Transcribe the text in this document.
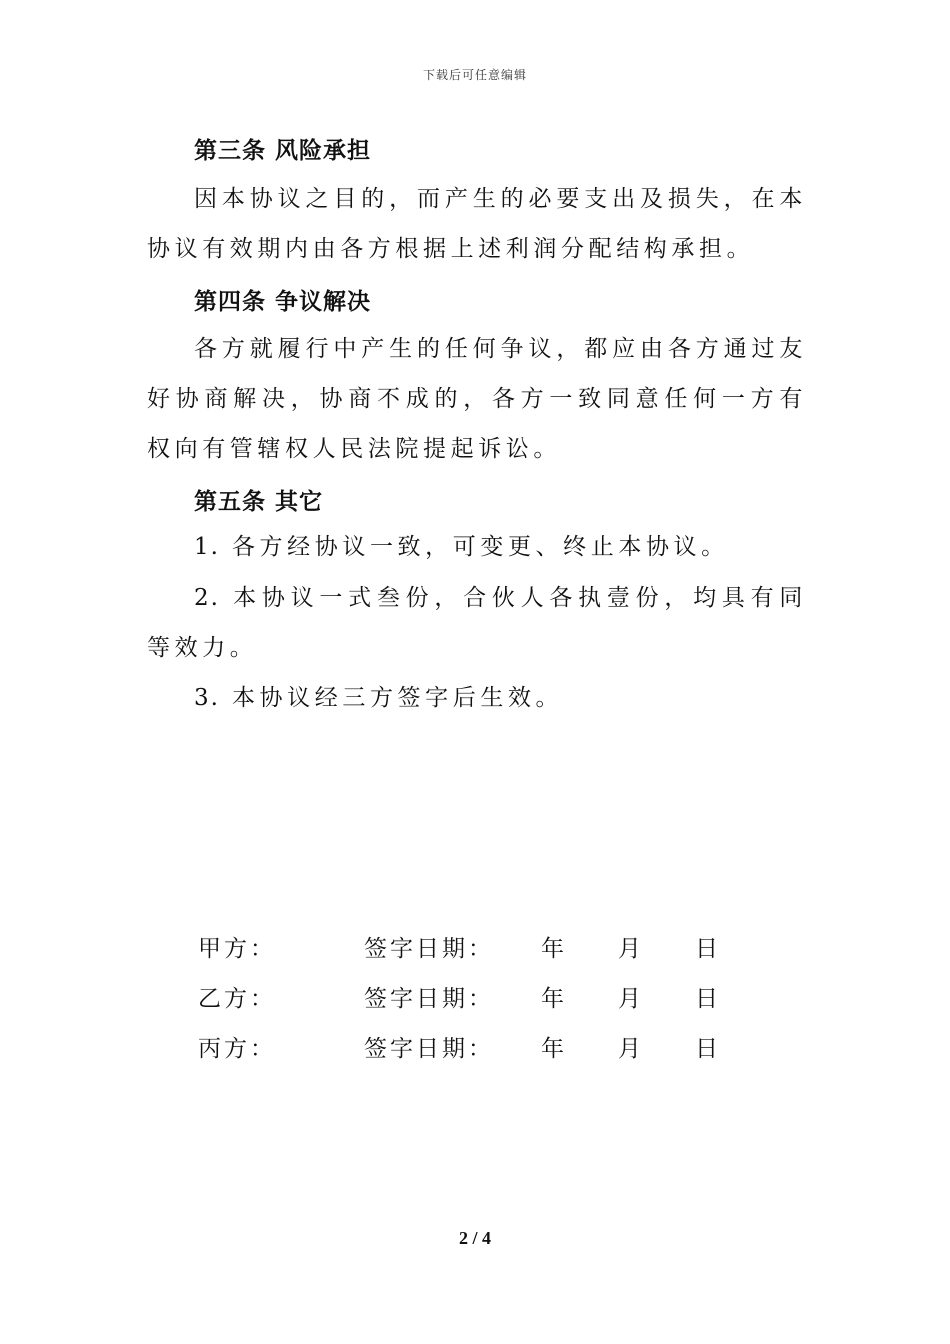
下载后可任意编辑
第三条 风险承担
因本协议之目的，而产生的必要支出及损失，在本协议有效期内由各方根据上述利润分配结构承担。
第四条 争议解决
各方就履行中产生的任何争议，都应由各方通过友好协商解决，协商不成的，各方一致同意任何一方有权向有管辖权人民法院提起诉讼。
第五条 其它
1. 各方经协议一致，可变更、终止本协议。
2. 本协议一式叁份，合伙人各执壹份，均具有同等效力。
3. 本协议经三方签字后生效。
甲方：	签字日期： 年 月 日
乙方：	签字日期： 年 月 日
丙方：	签字日期： 年 月 日
2 / 4
